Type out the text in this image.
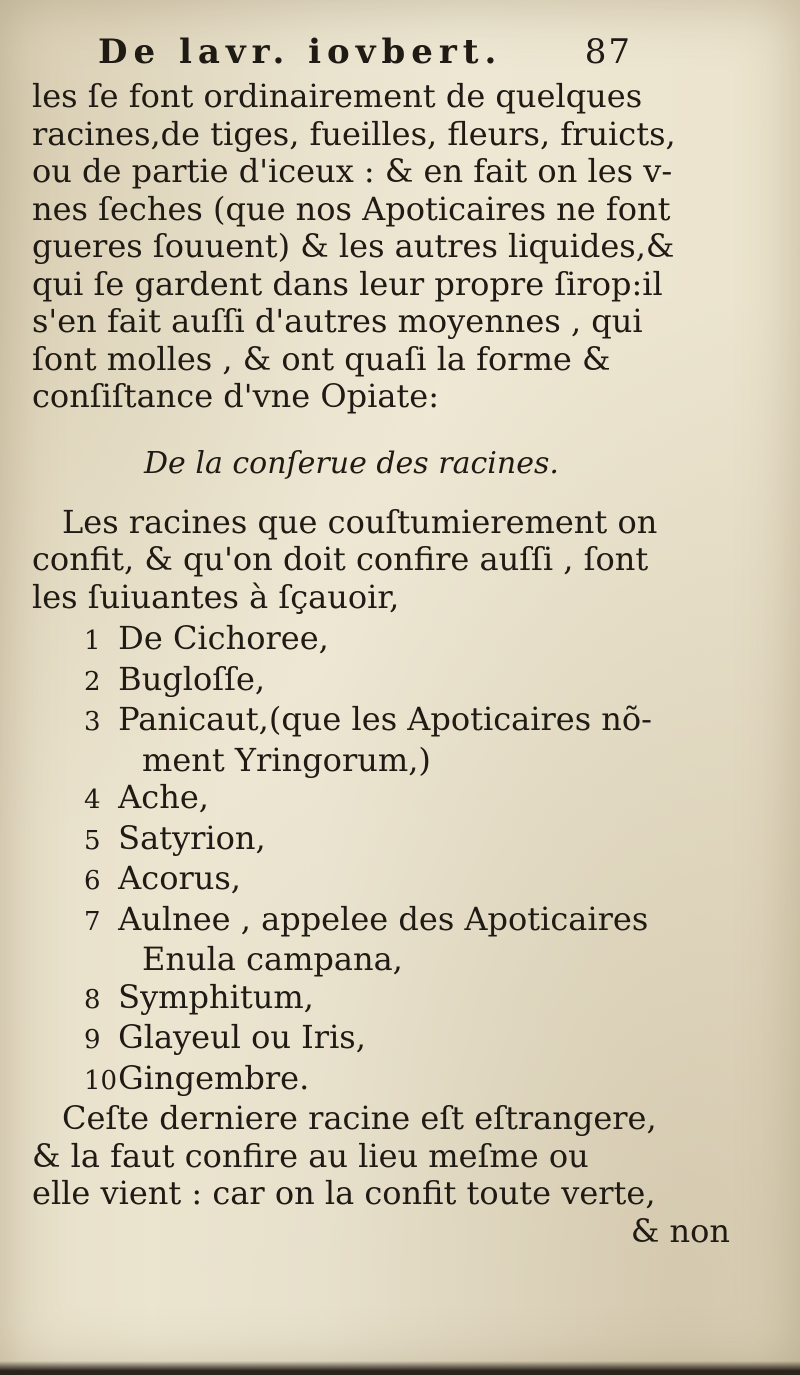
De lavr. iovbert. 87
les ſe font ordinairement de quelques
racines,de tiges, fueilles, fleurs, fruicts,
ou de partie d'iceux : & en fait on les v-
nes ſeches (que nos Apoticaires ne font
gueres ſouuent) & les autres liquides,&
qui ſe gardent dans leur propre ſirop:il
s'en fait auſſi d'autres moyennes , qui
ſont molles , & ont quaſi la forme &
conſiſtance d'vne Opiate:
De la conſerue des racines.
Les racines que couſtumierement on
confit, & qu'on doit confire auſſi , ſont
les ſuiuantes à ſçauoir,
1 De Cichoree,
2 Bugloſſe,
3 Panicaut,(que les Apoticaires nõ-
ment Yringorum,)
4 Ache,
5 Satyrion,
6 Acorus,
7 Aulnee , appelee des Apoticaires
Enula campana,
8 Symphitum,
9 Glayeul ou Iris,
10 Gingembre.
Ceſte derniere racine eſt eſtrangere,
& la faut confire au lieu meſme ou
elle vient : car on la confit toute verte,
& non
